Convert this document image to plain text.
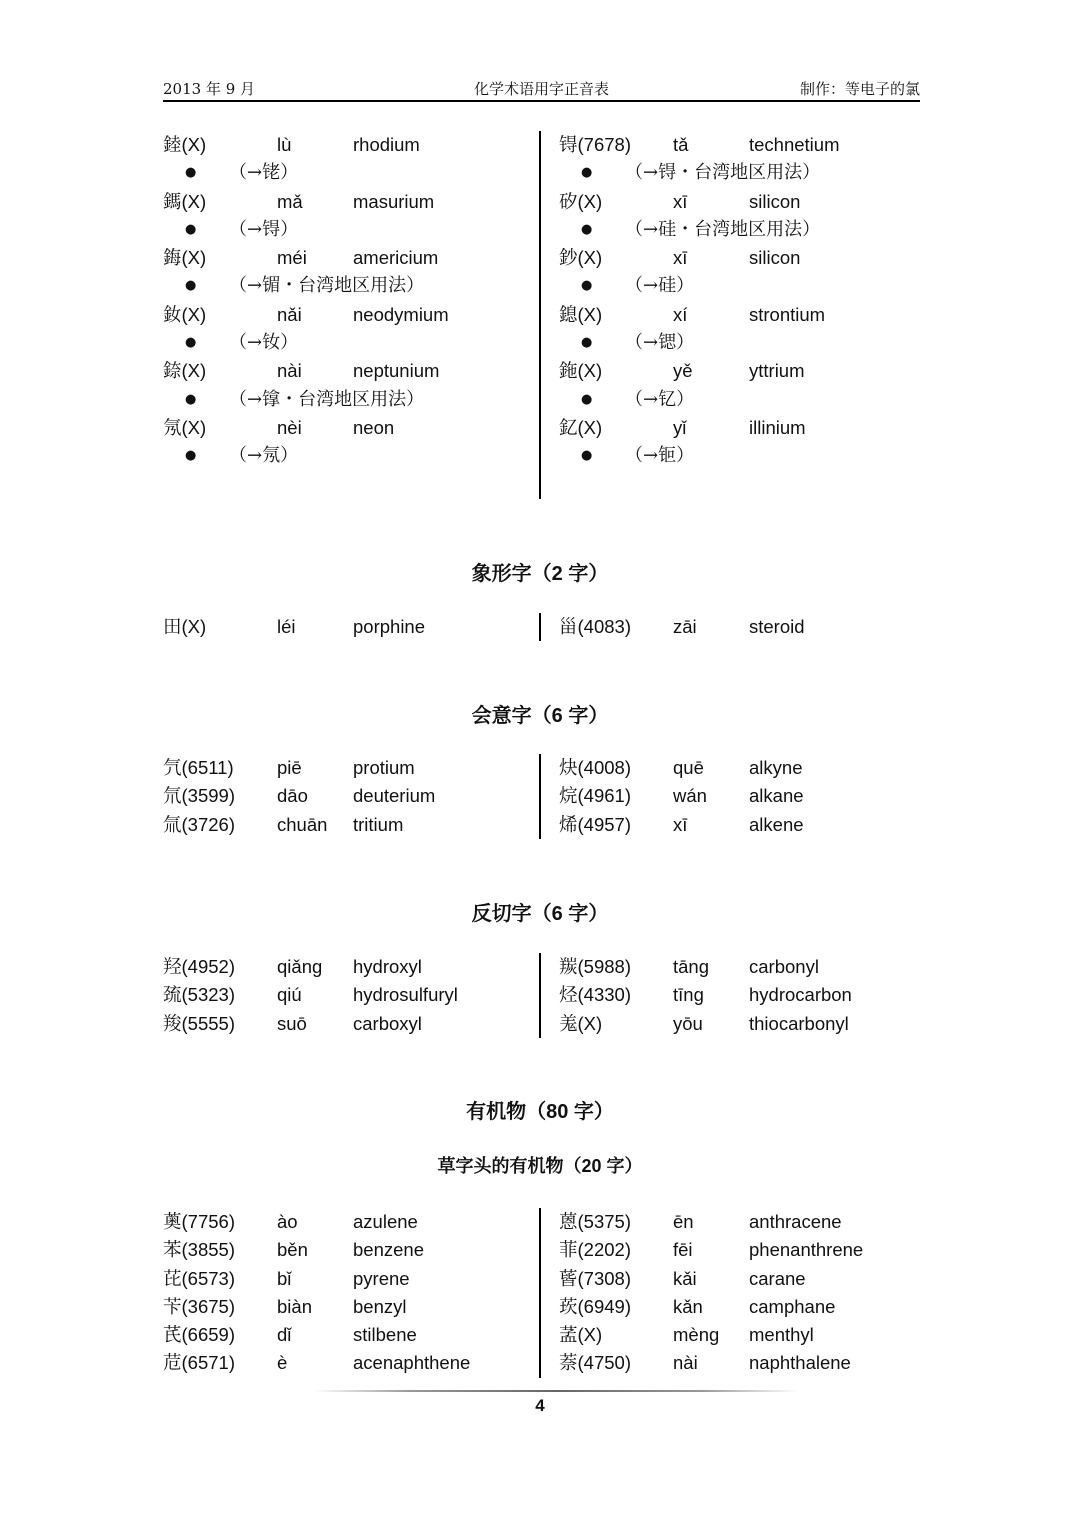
2013 年 9 月	化学术语用字正音表	制作：等电子的氯
錴(X)	lù	rhodium
● （→铑）
鎷(X)	mǎ	masurium
● （→锝）
鋂(X)	méi americium
● （→镅・台湾地区用法）
釹(X)	nǎi	neodymium
● （→钕）
錼(X)	nài	neptunium
● （→镎・台湾地区用法）
氖(X)	nèi	neon
● （→氖）
锝(7678) tǎ	technetium
● （→锝・台湾地区用法）
矽(X)	xī	silicon
● （→硅・台湾地区用法）
鈔(X)	xī	silicon
● （→硅）
鎴(X)	xí	strontium
● （→锶）
鉇(X)	yě	yttrium
● （→钇）
釔(X)	yǐ	illinium
● （→钷）
象形字（2 字）
田(X)	léi	porphine	甾(4083) zāi	steroid
会意字（6 字）
氕(6511) piē	protium
氘(3599) dāo deuterium
氚(3726) chuān tritium
炔(4008) quē alkyne
烷(4961) wán alkane
烯(4957) xī	alkene
反切字（6 字）
羟(4952) qiǎng hydroxyl
巯(5323) qiú	hydrosulfuryl
羧(5555) suō carboxyl
羰(5988) tāng carbonyl
烃(4330) tīng hydrocarbon
羗(X)	yōu thiocarbonyl
有机物（80 字）
草字头的有机物（20 字）
薁(7756) ào	azulene
苯(3855) běn benzene
芘(6573) bǐ	pyrene
苄(3675) biàn benzyl
芪(6659) dǐ	stilbene
苊(6571) è	acenaphthene
蒽(5375) ēn	anthracene
菲(2202) fēi	phenanthrene
蒈(7308) kǎi	carane
莰(6949) kǎn camphane
䓝(X)	mèng menthyl
萘(4750) nài	naphthalene
4
